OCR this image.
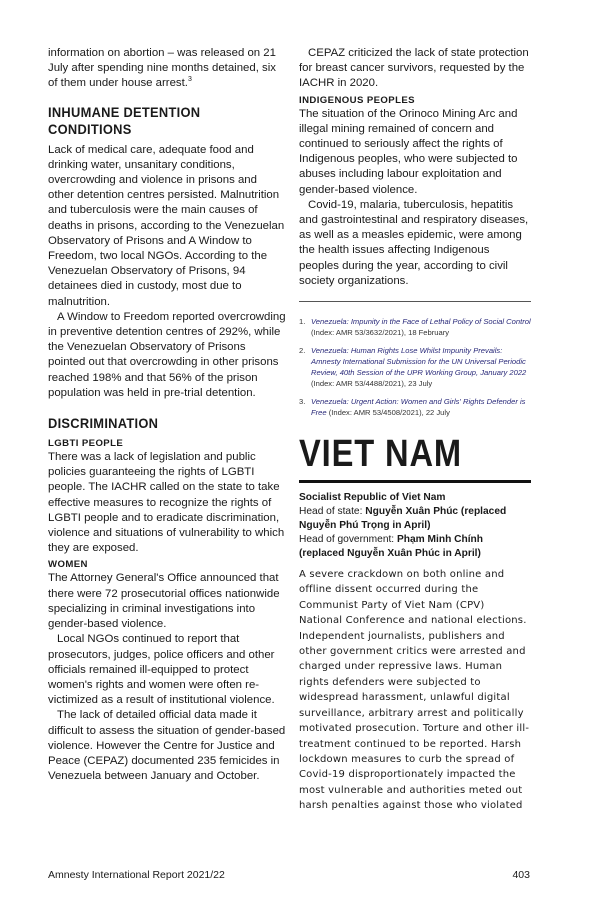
information on abortion – was released on 21 July after spending nine months detained, six of them under house arrest.$^3$

INHUMANE DETENTION CONDITIONS

Lack of medical care, adequate food and drinking water, unsanitary conditions, overcrowding and violence in prisons and other detention centres persisted. Malnutrition and tuberculosis were the main causes of deaths in prisons, according to the Venezuelan Observatory of Prisons and A Window to Freedom, two local NGOs. According to the Venezuelan Observatory of Prisons, 94 detainees died in custody, most due to malnutrition.

A Window to Freedom reported overcrowding in preventive detention centres of 292%, while the Venezuelan Observatory of Prisons pointed out that overcrowding in other prisons reached 198% and that 56% of the prison population was held in pre-trial detention.

DISCRIMINATION
LGBTI PEOPLE

There was a lack of legislation and public policies guaranteeing the rights of LGBTI people. The IACHR called on the state to take effective measures to recognize the rights of LGBTI people and to eradicate discrimination, violence and situations of vulnerability to which they are exposed.

WOMEN

The Attorney General's Office announced that there were 72 prosecutorial offices nationwide specializing in criminal investigations into gender-based violence.

Local NGOs continued to report that prosecutors, judges, police officers and other officials remained ill-equipped to protect women's rights and women were often re-victimized as a result of institutional violence.

The lack of detailed official data made it difficult to assess the situation of gender-based violence. However the Centre for Justice and Peace (CEPAZ) documented 235 femicides in Venezuela between January and October.

CEPAZ criticized the lack of state protection for breast cancer survivors, requested by the IACHR in 2020.

INDIGENOUS PEOPLES

The situation of the Orinoco Mining Arc and illegal mining remained of concern and continued to seriously affect the rights of Indigenous peoples, who were subjected to abuses including labour exploitation and gender-based violence.

Covid-19, malaria, tuberculosis, hepatitis and gastrointestinal and respiratory diseases, as well as a measles epidemic, were among the health issues affecting Indigenous peoples during the year, according to civil society organizations.

1. Venezuela: Impunity in the Face of Lethal Policy of Social Control (Index: AMR 53/3632/2021), 18 February
2. Venezuela: Human Rights Lose Whilst Impunity Prevails: Amnesty International Submission for the UN Universal Periodic Review, 40th Session of the UPR Working Group, January 2022 (Index: AMR 53/4488/2021), 23 July
3. Venezuela: Urgent Action: Women and Girls' Rights Defender is Free (Index: AMR 53/4508/2021), 22 July
VIET NAM
Socialist Republic of Viet Nam
Head of state: Nguyễn Xuân Phúc (replaced Nguyễn Phú Trọng in April)
Head of government: Phạm Minh Chính (replaced Nguyễn Xuân Phúc in April)

A severe crackdown on both online and offline dissent occurred during the Communist Party of Viet Nam (CPV) National Conference and national elections. Independent journalists, publishers and other government critics were arrested and charged under repressive laws. Human rights defenders were subjected to widespread harassment, unlawful digital surveillance, arbitrary arrest and politically motivated prosecution. Torture and other ill-treatment continued to be reported. Harsh lockdown measures to curb the spread of Covid-19 disproportionately impacted the most vulnerable and authorities meted out harsh penalties against those who violated

Amnesty International Report 2021/22	403
